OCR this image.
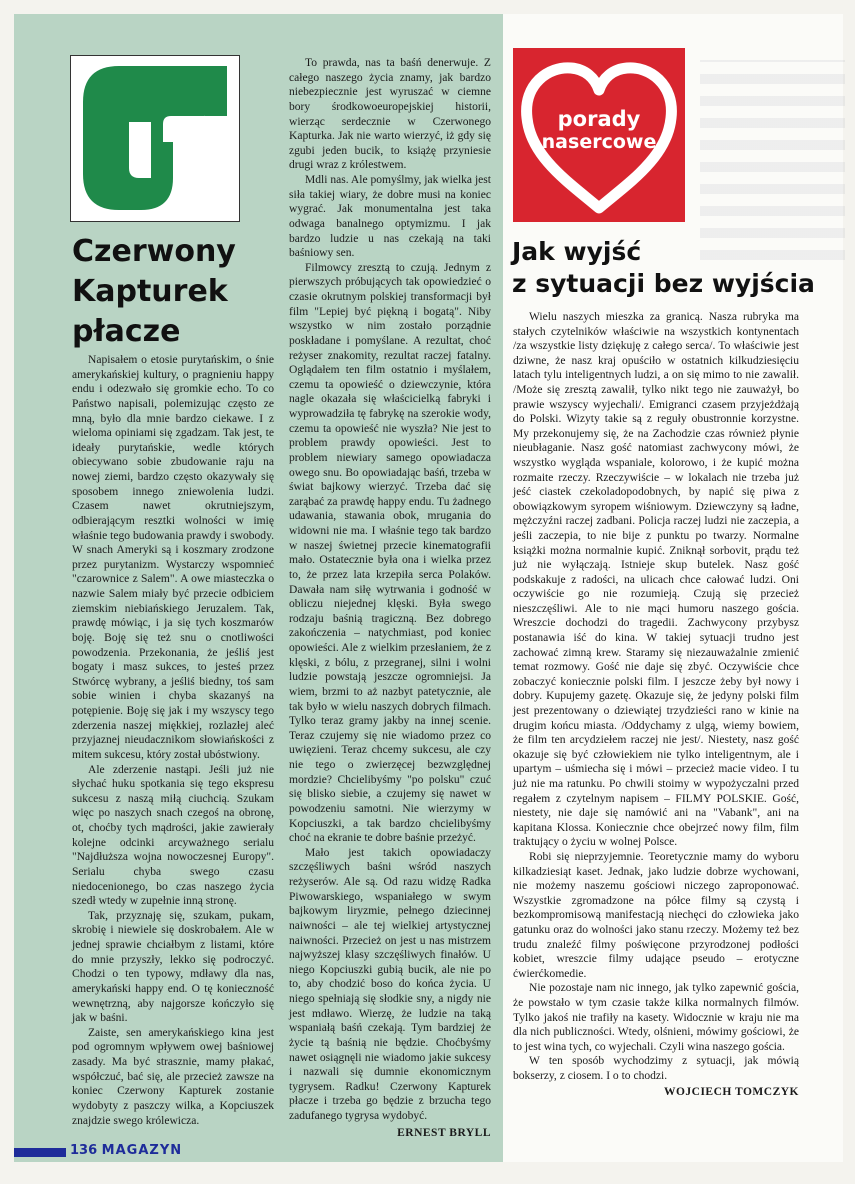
Gawędy z grzędy
Czerwony
Kapturek
płacze

Napisałem o etosie purytańskim, o śnie amerykańskiej kultury, o pragnieniu happy endu i odezwało się gromkie echo. To co Państwo napisali, polemizując często ze mną, było dla mnie bardzo ciekawe. I z wieloma opiniami się zgadzam. Tak jest, te ideały purytańskie, wedle których obiecywano sobie zbudowanie raju na nowej ziemi, bardzo często okazywały się sposobem innego zniewolenia ludzi. Czasem nawet okrutniejszym, odbierającym resztki wolności w imię właśnie tego budowania prawdy i swobody. W snach Ameryki są i koszmary zrodzone przez purytanizm. Wystarczy wspomnieć "czarownice z Salem". A owe miasteczka o nazwie Salem miały być przecie odbiciem ziemskim niebiańskiego Jeruzalem. Tak, prawdę mówiąc, i ja się tych koszmarów boję. Boję się też snu o cnotliwości powodzenia. Przekonania, że jeśliś jest bogaty i masz sukces, to jesteś przez Stwórcę wybrany, a jeśliś biedny, toś sam sobie winien i chyba skazanyś na potępienie. Boję się jak i my wszyscy tego zderzenia naszej miękkiej, rozlazłej aleć przyjaznej nieudacznikom słowiańskości z mitem sukcesu, który został ubóstwiony.

Ale zderzenie nastąpi. Jeśli już nie słychać huku spotkania się tego ekspresu sukcesu z naszą miłą ciuchcią. Szukam więc po naszych snach czegoś na obronę, ot, choćby tych mądrości, jakie zawierały kolejne odcinki arcyważnego serialu "Najdłuższa wojna nowoczesnej Europy". Serialu chyba swego czasu niedocenionego, bo czas naszego życia szedł wtedy w zupełnie inną stronę.

Tak, przyznaję się, szukam, pukam, skrobię i niewiele się doskrobałem. Ale w jednej sprawie chciałbym z listami, które do mnie przyszły, lekko się podroczyć. Chodzi o ten typowy, mdławy dla nas, amerykański happy end. O tę konieczność wewnętrzną, aby najgorsze kończyło się jak w baśni.

Zaiste, sen amerykańskiego kina jest pod ogromnym wpływem owej baśniowej zasady. Ma być strasznie, mamy płakać, współczuć, bać się, ale przecież zawsze na koniec Czerwony Kapturek zostanie wydobyty z paszczy wilka, a Kopciuszek znajdzie swego królewicza.

To prawda, nas ta baśń denerwuje. Z całego naszego życia znamy, jak bardzo niebezpiecznie jest wyruszać w ciemne bory środkowoeuropejskiej historii, wierząc serdecznie w Czerwonego Kapturka. Jak nie warto wierzyć, iż gdy się zgubi jeden bucik, to książę przyniesie drugi wraz z królestwem.

Mdli nas. Ale pomyślmy, jak wielka jest siła takiej wiary, że dobre musi na koniec wygrać. Jak monumentalna jest taka odwaga banalnego optymizmu. I jak bardzo ludzie u nas czekają na taki baśniowy sen.

Filmowcy zresztą to czują. Jednym z pierwszych próbujących tak opowiedzieć o czasie okrutnym polskiej transformacji był film "Lepiej być piękną i bogatą". Niby wszystko w nim zostało porządnie poskładane i pomyślane. A rezultat, choć reżyser znakomity, rezultat raczej fatalny. Oglądałem ten film ostatnio i myślałem, czemu ta opowieść o dziewczynie, która nagle okazała się właścicielką fabryki i wyprowadziła tę fabrykę na szerokie wody, czemu ta opowieść nie wyszła? Nie jest to problem prawdy opowieści. Jest to problem niewiary samego opowiadacza owego snu. Bo opowiadając baśń, trzeba w świat bajkowy wierzyć. Trzeba dać się zarąbać za prawdę happy endu. Tu żadnego udawania, stawania obok, mrugania do widowni nie ma. I właśnie tego tak bardzo w naszej świetnej przecie kinematografii mało. Ostatecznie była ona i wielka przez to, że przez lata krzepiła serca Polaków. Dawała nam siłę wytrwania i godność w obliczu niejednej klęski. Była swego rodzaju baśnią tragiczną. Bez dobrego zakończenia – natychmiast, pod koniec opowieści. Ale z wielkim przesłaniem, że z klęski, z bólu, z przegranej, silni i wolni ludzie powstają jeszcze ogromniejsi. Ja wiem, brzmi to aż nazbyt patetycznie, ale tak było w wielu naszych dobrych filmach. Tylko teraz gramy jakby na innej scenie. Teraz czujemy się nie wiadomo przez co uwięzieni. Teraz chcemy sukcesu, ale czy nie tego o zwierzęcej bezwzględnej mordzie? Chcielibyśmy "po polsku" czuć się blisko siebie, a czujemy się nawet w powodzeniu samotni. Nie wierzymy w Kopciuszki, a tak bardzo chcielibyśmy choć na ekranie te dobre baśnie przeżyć.

Mało jest takich opowiadaczy szczęśliwych baśni wśród naszych reżyserów. Ale są. Od razu widzę Radka Piwowarskiego, wspaniałego w swym bajkowym liryzmie, pełnego dziecinnej naiwności – ale tej wielkiej artystycznej naiwności. Przecież on jest u nas mistrzem najwyższej klasy szczęśliwych finałów. U niego Kopciuszki gubią bucik, ale nie po to, aby chodzić boso do końca życia. U niego spełniają się słodkie sny, a nigdy nie jest mdławo. Wierzę, że ludzie na taką wspaniałą baśń czekają. Tym bardziej że życie tą baśnią nie będzie. Choćbyśmy nawet osiągnęli nie wiadomo jakie sukcesy i nazwali się dumnie ekonomicznym tygrysem. Radku! Czerwony Kapturek płacze i trzeba go będzie z brzucha tego zadufanego tygrysa wydobyć.

ERNEST BRYLL
porady
nasercowe
Jak wyjść
z sytuacji bez wyjścia

Wielu naszych mieszka za granicą. Nasza rubryka ma stałych czytelników właściwie na wszystkich kontynentach /za wszystkie listy dziękuję z całego serca/. To właściwie jest dziwne, że nasz kraj opuściło w ostatnich kilkudziesięciu latach tylu inteligentnych ludzi, a on się mimo to nie zawalił. /Może się zresztą zawalił, tylko nikt tego nie zauważył, bo prawie wszyscy wyjechali/. Emigranci czasem przyjeżdżają do Polski. Wizyty takie są z reguły obustronnie korzystne. My przekonujemy się, że na Zachodzie czas również płynie nieubłaganie. Nasz gość natomiast zachwycony mówi, że wszystko wygląda wspaniale, kolorowo, i że kupić można rozmaite rzeczy. Rzeczywiście – w lokalach nie trzeba już jeść ciastek czekoladopodobnych, by napić się piwa z obowiązkowym syropem wiśniowym. Dziewczyny są ładne, mężczyźni raczej zadbani. Policja raczej ludzi nie zaczepia, a jeśli zaczepia, to nie bije z punktu po twarzy. Normalne książki można normalnie kupić. Zniknął sorbovit, prądu też już nie wyłączają. Istnieje skup butelek. Nasz gość podskakuje z radości, na ulicach chce całować ludzi. Oni oczywiście go nie rozumieją. Czują się przecież nieszczęśliwi. Ale to nie mąci humoru naszego gościa. Wreszcie dochodzi do tragedii. Zachwycony przybysz postanawia iść do kina. W takiej sytuacji trudno jest zachować zimną krew. Staramy się niezauważalnie zmienić temat rozmowy. Gość nie daje się zbyć. Oczywiście chce zobaczyć koniecznie polski film. I jeszcze żeby był nowy i dobry. Kupujemy gazetę. Okazuje się, że jedyny polski film jest prezentowany o dziewiątej trzydzieści rano w kinie na drugim końcu miasta. /Oddychamy z ulgą, wiemy bowiem, że film ten arcydziełem raczej nie jest/. Niestety, nasz gość okazuje się być człowiekiem nie tylko inteligentnym, ale i upartym – uśmiecha się i mówi – przecież macie video. I tu już nie ma ratunku. Po chwili stoimy w wypożyczalni przed regałem z czytelnym napisem – FILMY POLSKIE. Gość, niestety, nie daje się namówić ani na "Vabank", ani na kapitana Klossa. Koniecznie chce obejrzeć nowy film, film traktujący o życiu w wolnej Polsce.

Robi się nieprzyjemnie. Teoretycznie mamy do wyboru kilkadziesiąt kaset. Jednak, jako ludzie dobrze wychowani, nie możemy naszemu gościowi niczego zaproponować. Wszystkie zgromadzone na półce filmy są czystą i bezkompromisową manifestacją niechęci do człowieka jako gatunku oraz do wolności jako stanu rzeczy. Możemy też bez trudu znaleźć filmy poświęcone przyrodzonej podłości kobiet, wreszcie filmy udające pseudo – erotyczne ćwierćkomedie.

Nie pozostaje nam nic innego, jak tylko zapewnić gościa, że powstało w tym czasie także kilka normalnych filmów. Tylko jakoś nie trafiły na kasety. Widocznie w kraju nie ma dla nich publiczności. Wtedy, olśnieni, mówimy gościowi, że to jest wina tych, co wyjechali. Czyli wina naszego gościa.

W ten sposób wychodzimy z sytuacji, jak mówią bokserzy, z ciosem. I o to chodzi.

WOJCIECH TOMCZYK
136 MAGAZYN
